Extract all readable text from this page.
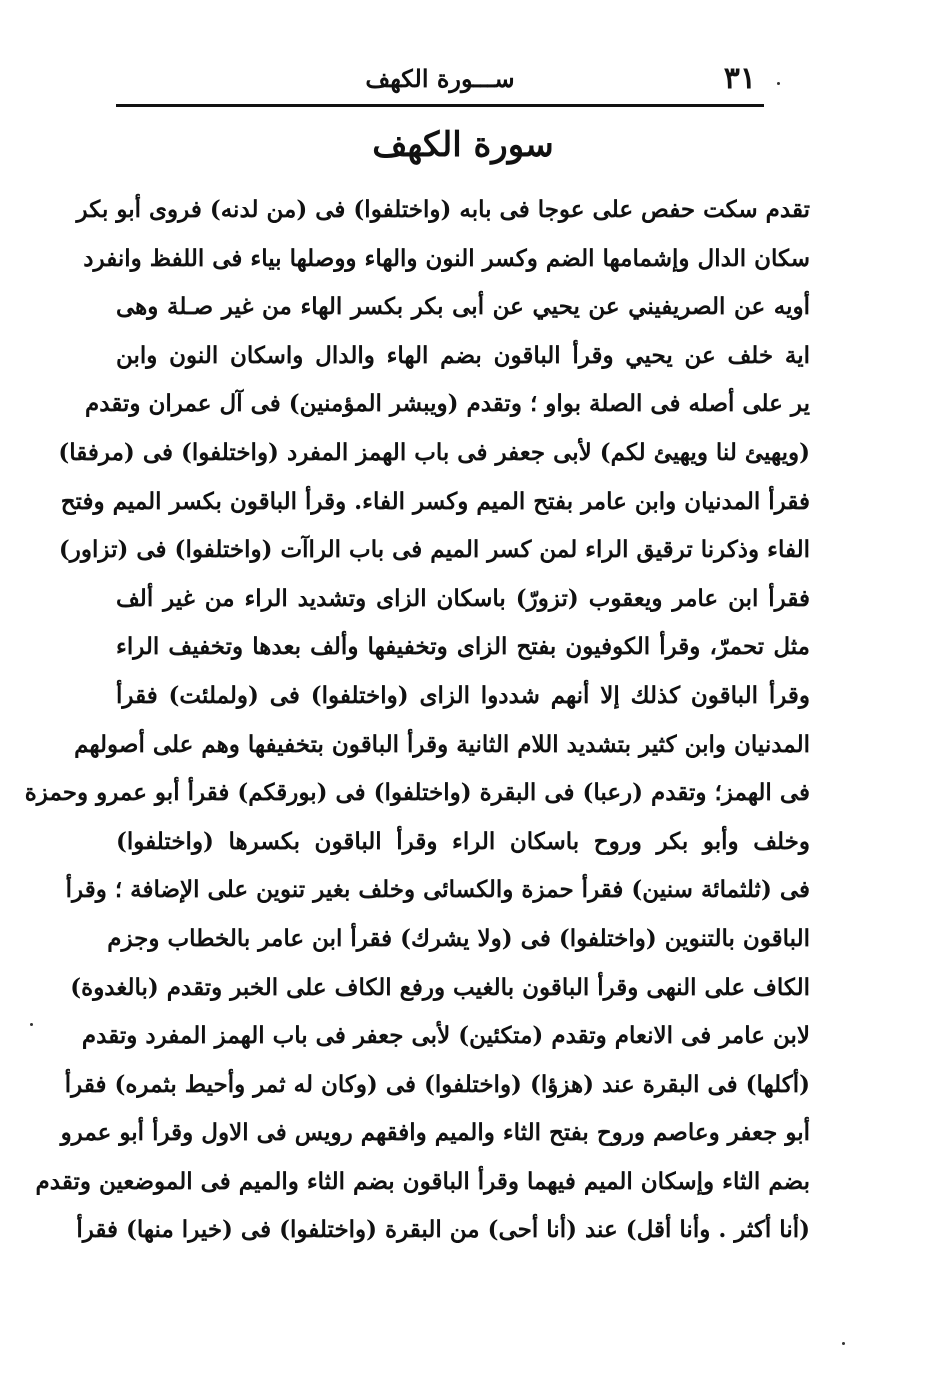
٣١
ســـورة الكهف
سورة الكهف
تقدم سكت حفص على عوجا فى بابه (واختلفوا) فى (من لدنه) فروى أبو بكر
سكان الدال وإشمامها الضم وكسر النون والهاء ووصلها بياء فى اللفظ وانفرد
أويه عن الصريفيني عن يحيي عن أبى بكر بكسر الهاء من غير صـلة وهى
اية خلف عن يحيي وقرأ الباقون بضم الهاء والدال واسكان النون وابن
ير على أصله فى الصلة بواو ؛ وتقدم (ويبشر المؤمنين) فى آل عمران وتقدم
(ويهيئ لنا ويهيئ لكم) لأبى جعفر فى باب الهمز المفرد (واختلفوا) فى (مرفقا)
فقرأ المدنيان وابن عامر بفتح الميم وكسر الفاء. وقرأ الباقون بكسر الميم وفتح
الفاء وذكرنا ترقيق الراء لمن كسر الميم فى باب الراآت (واختلفوا) فى (تزاور)
فقرأ ابن عامر ويعقوب (تزورّ) باسكان الزاى وتشديد الراء من غير ألف
مثل تحمرّ، وقرأ الكوفيون بفتح الزاى وتخفيفها وألف بعدها وتخفيف الراء
وقرأ الباقون كذلك إلا أنهم شددوا الزاى (واختلفوا) فى (ولملئت) فقرأ
المدنيان وابن كثير بتشديد اللام الثانية وقرأ الباقون بتخفيفها وهم على أصولهم
فى الهمز؛ وتقدم (رعبا) فى البقرة (واختلفوا) فى (بورقكم) فقرأ أبو عمرو وحمزة
وخلف وأبو بكر وروح باسكان الراء وقرأ الباقون بكسرها (واختلفوا)
فى (ثلثمائة سنين) فقرأ حمزة والكسائى وخلف بغير تنوين على الإضافة ؛ وقرأ
الباقون بالتنوين (واختلفوا) فى (ولا يشرك) فقرأ ابن عامر بالخطاب وجزم
الكاف على النهى وقرأ الباقون بالغيب ورفع الكاف على الخبر وتقدم (بالغدوة)
لابن عامر فى الانعام وتقدم (متكئين) لأبى جعفر فى باب الهمز المفرد وتقدم
(أكلها) فى البقرة عند (هزؤا) (واختلفوا) فى (وكان له ثمر وأحيط بثمره) فقرأ
أبو جعفر وعاصم وروح بفتح الثاء والميم وافقهم رويس فى الاول وقرأ أبو عمرو
بضم الثاء وإسكان الميم فيهما وقرأ الباقون بضم الثاء والميم فى الموضعين وتقدم
(أنا أكثر . وأنا أقل) عند (أنا أحى) من البقرة (واختلفوا) فى (خيرا منها) فقرأ
